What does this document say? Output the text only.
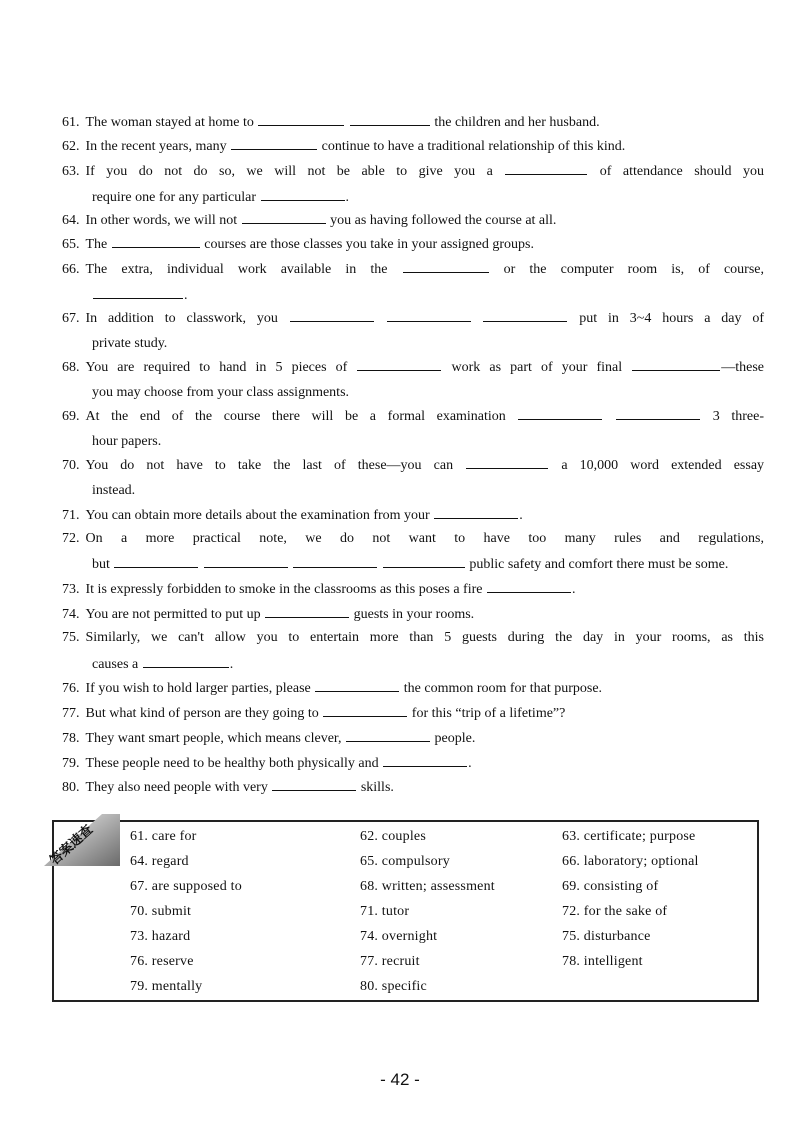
61. The woman stayed at home to	the children and her husband.
62. In the recent years, many	continue to have a traditional relationship of this kind.
63. If you do not do so, we will not be able to give you a	of attendance should you
require one for any particular	.
64. In other words, we will not	you as having followed the course at all.
65. The	courses are those classes you take in your assigned groups.
66. The extra, individual work available in the	or the computer room is, of course,
.
67. In addition to classwork, you	put in 3~4 hours a day of
private study.
68. You are required to hand in 5 pieces of	work as part of your final	—these
you may choose from your class assignments.
69. At the end of the course there will be a formal examination	3 three-
hour papers.
70. You do not have to take the last of these—you can	a 10,000 word extended essay
instead.
71. You can obtain more details about the examination from your	.
72. On a more practical note, we do not want to have too many rules and regulations,
but	public safety and comfort there must be some.
73. It is expressly forbidden to smoke in the classrooms as this poses a fire	.
74. You are not permitted to put up	guests in your rooms.
75. Similarly, we can't allow you to entertain more than 5 guests during the day in your rooms, as this
causes a	.
76. If you wish to hold larger parties, please	the common room for that purpose.
77. But what kind of person are they going to	for this “trip of a lifetime”?
78. They want smart people, which means clever,	people.
79. These people need to be healthy both physically and	.
80. They also need people with very	skills.
答案速查 61. care for	62. couples	63. certificate; purpose
64. regard	65. compulsory	66. laboratory; optional
67. are supposed to	68. written; assessment	69. consisting of
70. submit	71. tutor	72. for the sake of
73. hazard	74. overnight	75. disturbance
76. reserve	77. recruit	78. intelligent
79. mentally	80. specific
- 42 -
